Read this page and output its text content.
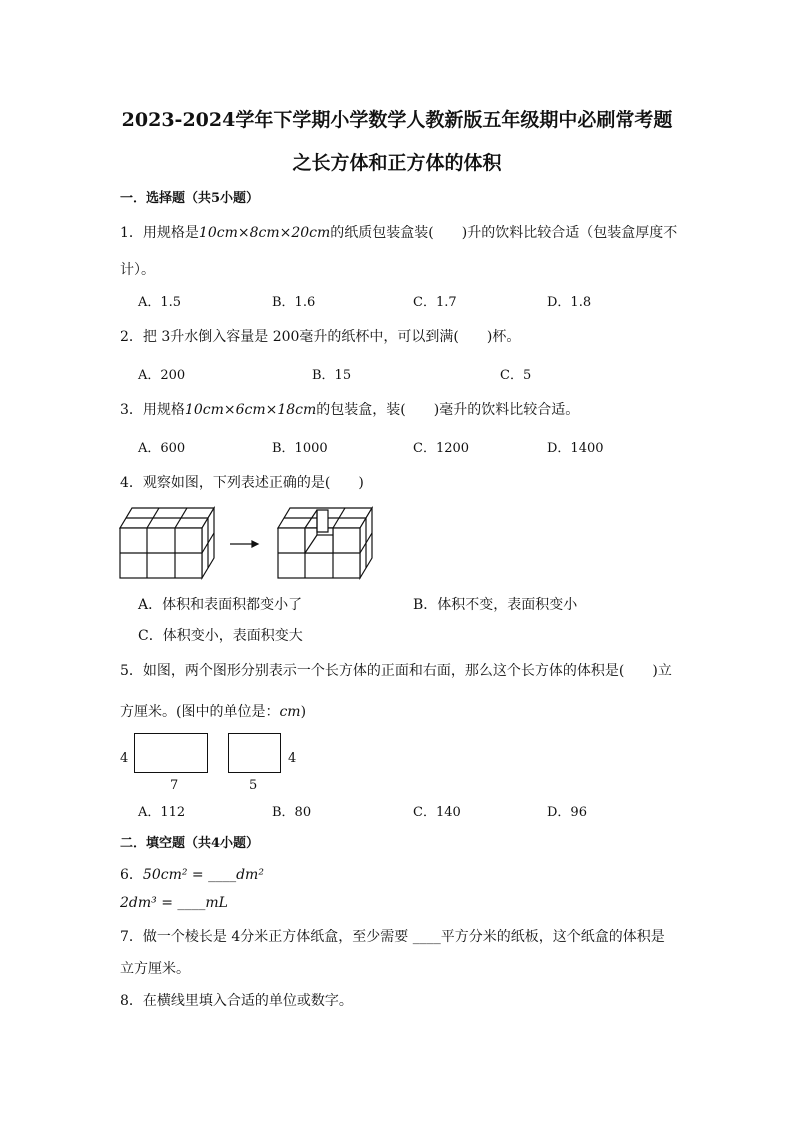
2023-2024学年下学期小学数学人教新版五年级期中必刷常考题
之长方体和正方体的体积
一．选择题（共5小题）
1．用规格是10cm×8cm×20cm的纸质包装盒装(　　)升的饮料比较合适（包装盒厚度不
计）。
A．1.5	B．1.6	C．1.7	D．1.8
2．把 3升水倒入容量是 200毫升的纸杯中，可以到满(　　)杯。
A．200	B．15	C．5
3．用规格10cm×6cm×18cm的包装盒，装(　　)毫升的饮料比较合适。
A．600	B．1000	C．1200	D．1400
4．观察如图，下列表述正确的是(　　)
A．体积和表面积都变小了	B．体积不变，表面积变小
C．体积变小，表面积变大
5．如图，两个图形分别表示一个长方体的正面和右面，那么这个长方体的体积是(　　)立
方厘米。(图中的单位是：cm)
4
7	5
4
A．112	B．80	C．140	D．96
二．填空题（共4小题）
6．50cm² = ____dm²
2dm³ = ____mL
7．做一个棱长是 4分米正方体纸盒，至少需要 ____平方分米的纸板，这个纸盒的体积是
立方厘米。
8．在横线里填入合适的单位或数字。
